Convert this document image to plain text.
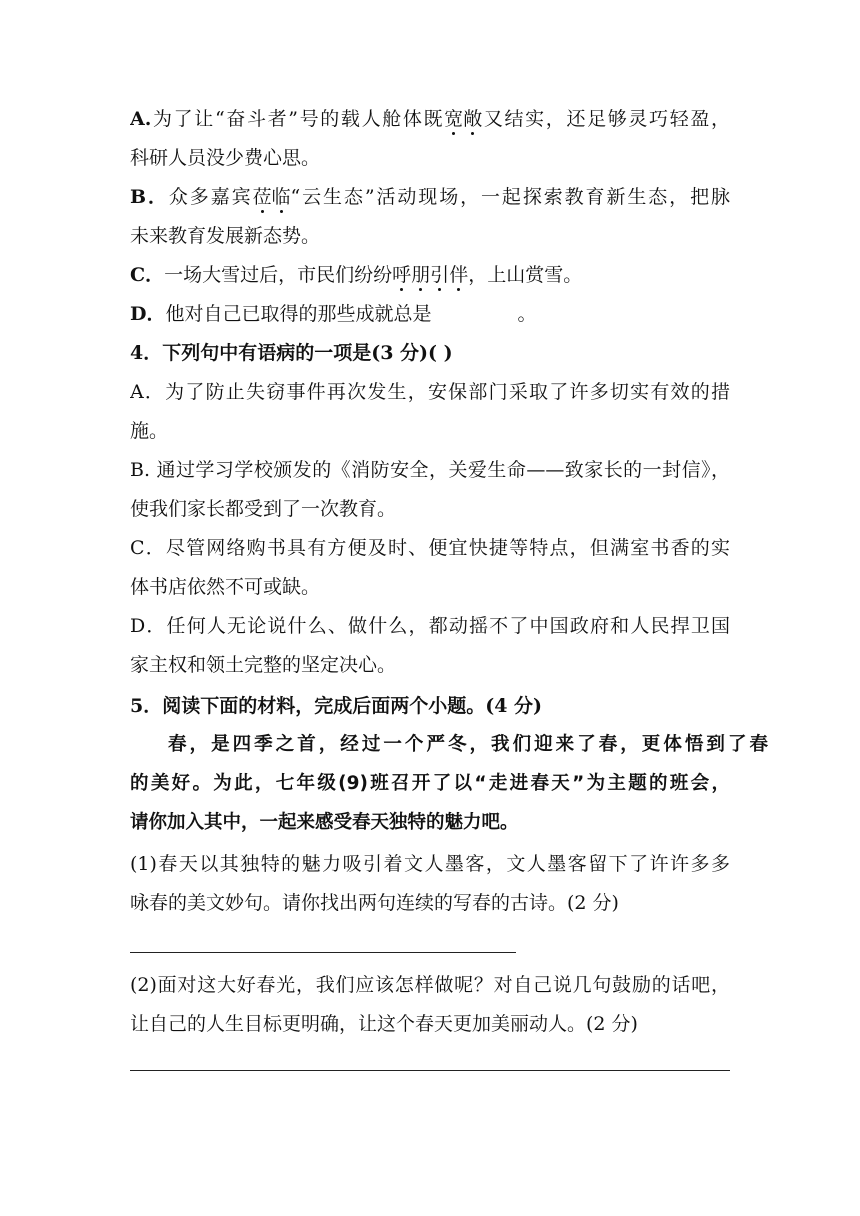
A.为了让“奋斗者”号的载人舱体既宽敞又结实，还足够灵巧轻盈，
科研人员没少费心思。
B．众多嘉宾莅临“云生态”活动现场，一起探索教育新生态，把脉
未来教育发展新态势。
C．一场大雪过后，市民们纷纷呼朋引伴，上山赏雪。
D．他对自己已取得的那些成就总是	。
4．下列句中有语病的一项是(3 分)( )
A．为了防止失窃事件再次发生，安保部门采取了许多切实有效的措
施。
B. 通过学习学校颁发的《消防安全，关爱生命——致家长的一封信》，
使我们家长都受到了一次教育。
C．尽管网络购书具有方便及时、便宜快捷等特点，但满室书香的实
体书店依然不可或缺。
D．任何人无论说什么、做什么，都动摇不了中国政府和人民捍卫国
家主权和领土完整的坚定决心。
5．阅读下面的材料，完成后面两个小题。(4 分)
春，是四季之首，经过一个严冬，我们迎来了春，更体悟到了春
的美好。为此，七年级(9)班召开了以“走进春天”为主题的班会，
请你加入其中，一起来感受春天独特的魅力吧。
(1)春天以其独特的魅力吸引着文人墨客，文人墨客留下了许许多多
咏春的美文妙句。请你找出两句连续的写春的古诗。(2 分)
(2)面对这大好春光，我们应该怎样做呢？对自己说几句鼓励的话吧，
让自己的人生目标更明确，让这个春天更加美丽动人。(2 分)
